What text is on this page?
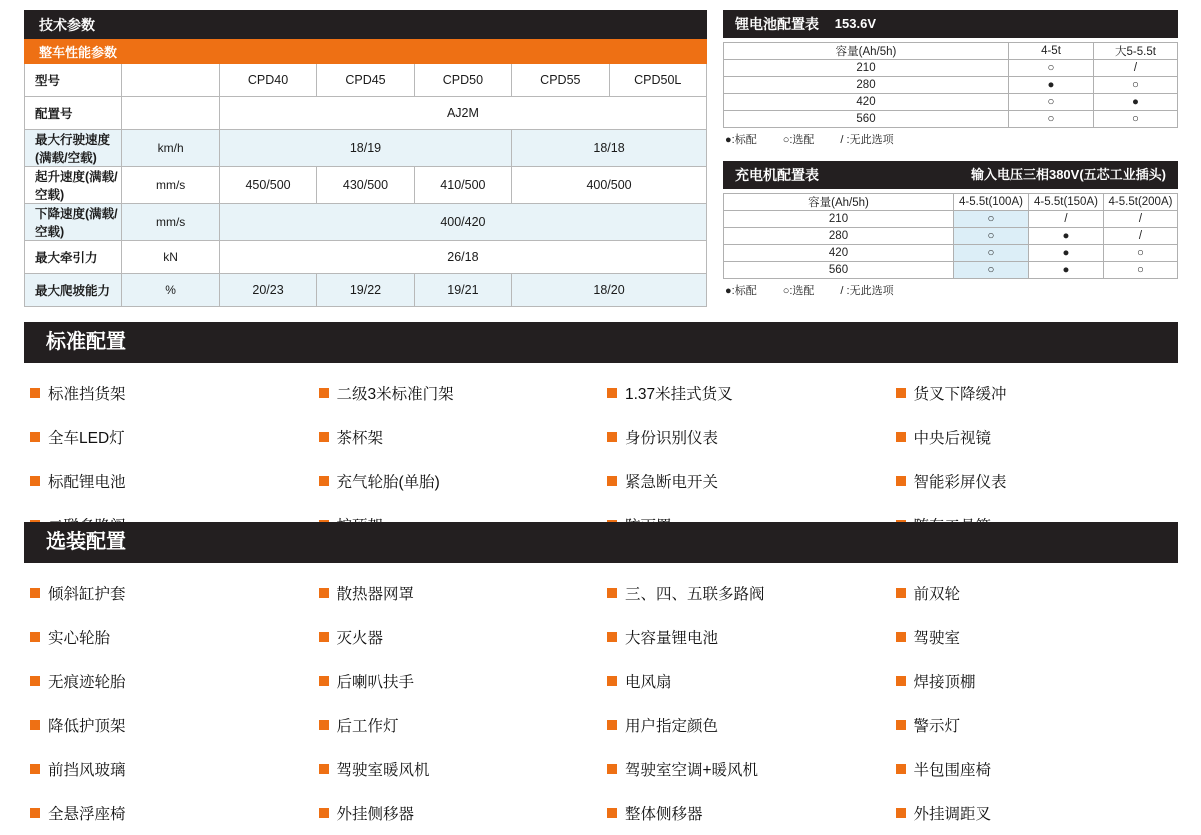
技术参数						
整车性能参数						
型号		CPD40	CPD45	CPD50	CPD55	CPD50L
配置号		AJ2M				
最大行驶速度(满载/空载)	km/h	18/19			18/18	
起升速度(满载/空载)	mm/s	450/500	430/500	410/500	400/500	
下降速度(满载/空载)	mm/s	400/420				
最大牵引力	kN	26/18				
最大爬坡能力	%	20/23	19/22	19/21	18/20	
锂电池配置表 153.6V
容量(Ah/5h)	4-5t	大5-5.5t
210	○	/
280	●	○
420	○	●
560	○	○
●:标配 ○:选配 / :无此选项
充电机配置表	输入电压三相380V(五芯工业插头)
容量(Ah/5h)	4-5.5t(100A)	4-5.5t(150A)	4-5.5t(200A)
210	○	/	/
280	○	●	/
420	○	●	○
560	○	●	○
●:标配 ○:选配 / :无此选项
标准配置
标准挡货架	二级3米标准门架	1.37米挂式货叉	货叉下降缓冲
全车LED灯	茶杯架	身份识别仪表	中央后视镜
标配锂电池	充气轮胎(单胎)	紧急断电开关	智能彩屏仪表
选装配置
倾斜缸护套	散热器网罩	三、四、五联多路阀	前双轮
实心轮胎	灭火器	大容量锂电池	驾驶室
无痕迹轮胎	后喇叭扶手	电风扇	焊接顶棚
降低护顶架	后工作灯	用户指定颜色	警示灯
前挡风玻璃	驾驶室暖风机	驾驶室空调+暖风机	半包围座椅
全悬浮座椅	外挂侧移器	整体侧移器	外挂调距叉
